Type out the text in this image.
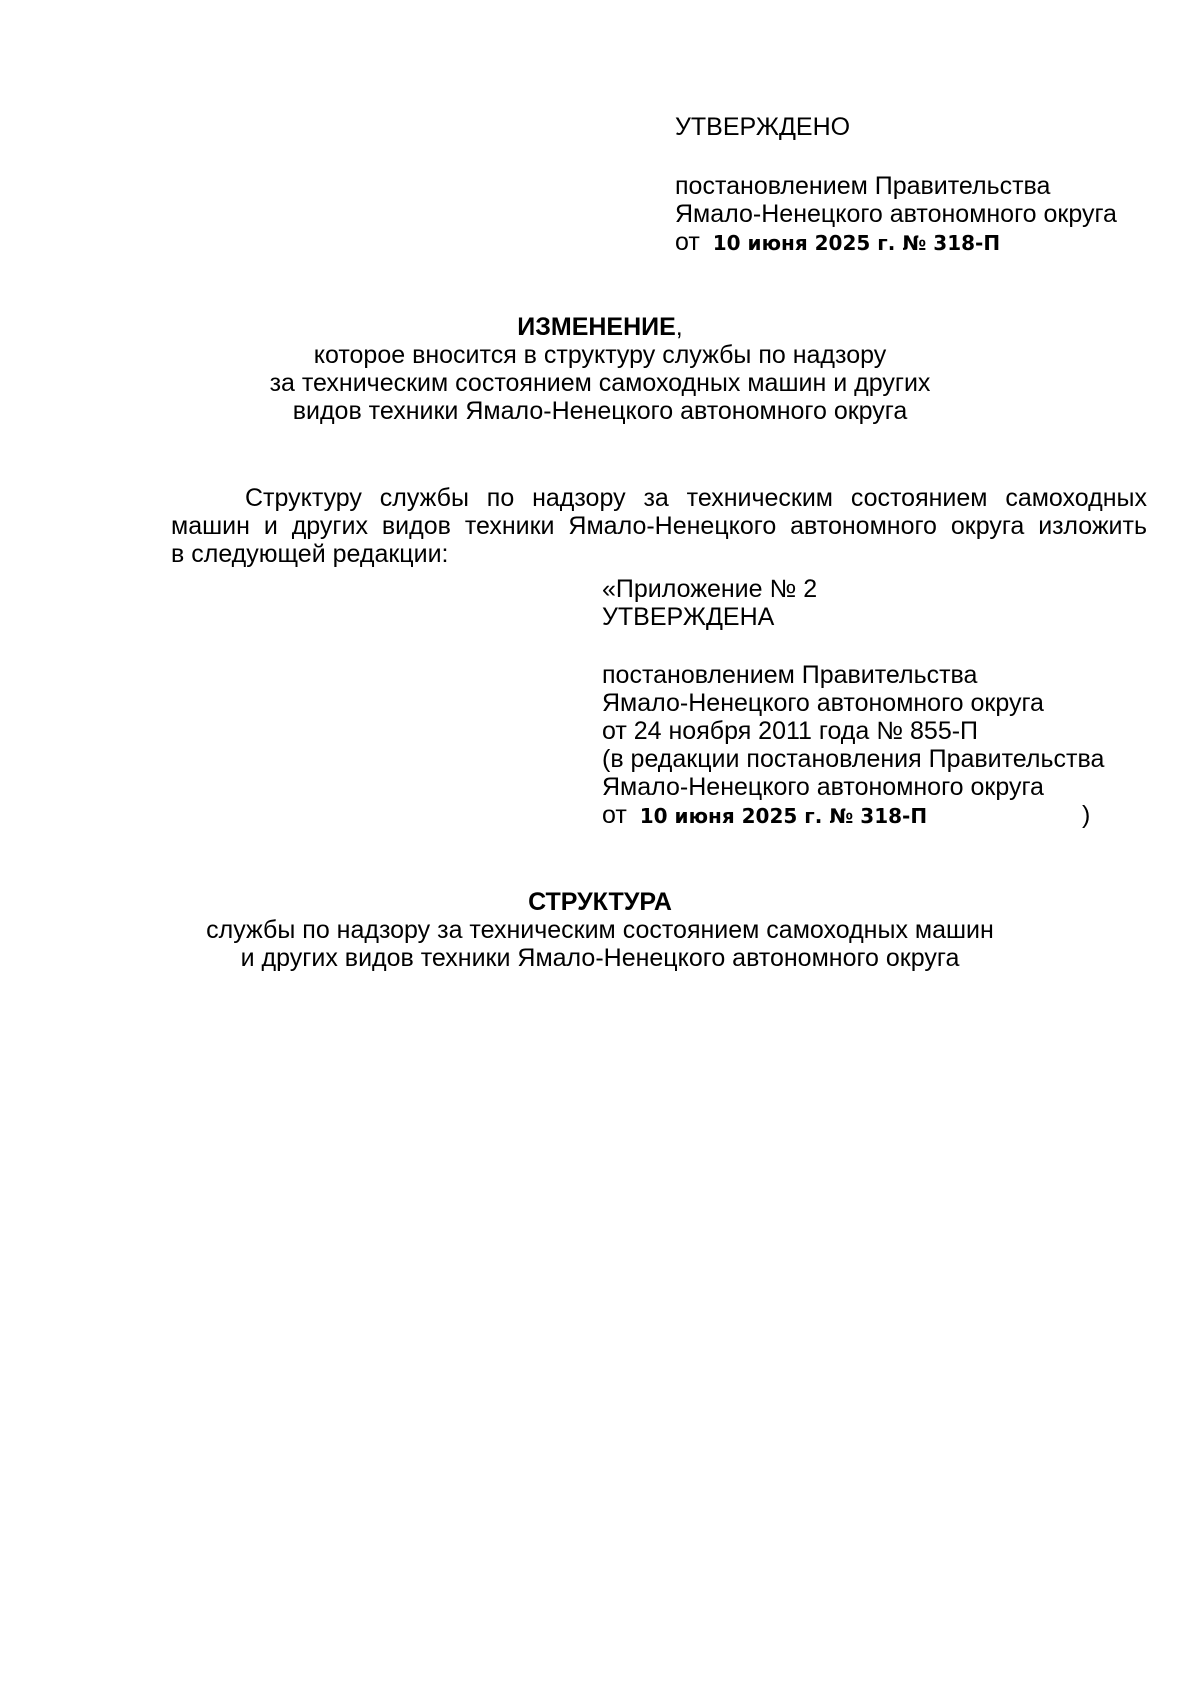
УТВЕРЖДЕНО
постановлением Правительства
Ямало-Ненецкого автономного округа
от 10 июня 2025 г. № 318-П
ИЗМЕНЕНИЕ,
которое вносится в структуру службы по надзору
за техническим состоянием самоходных машин и других
видов техники Ямало-Ненецкого автономного округа
Структуру службы по надзору за техническим состоянием самоходных
машин и других видов техники Ямало-Ненецкого автономного округа изложить
в следующей редакции:
«Приложение № 2
УТВЕРЖДЕНА
постановлением Правительства
Ямало-Ненецкого автономного округа
от 24 ноября 2011 года № 855-П
(в редакции постановления Правительства
Ямало-Ненецкого автономного округа
от 10 июня 2025 г. № 318-П	)
СТРУКТУРА
службы по надзору за техническим состоянием самоходных машин
и других видов техники Ямало-Ненецкого автономного округа
